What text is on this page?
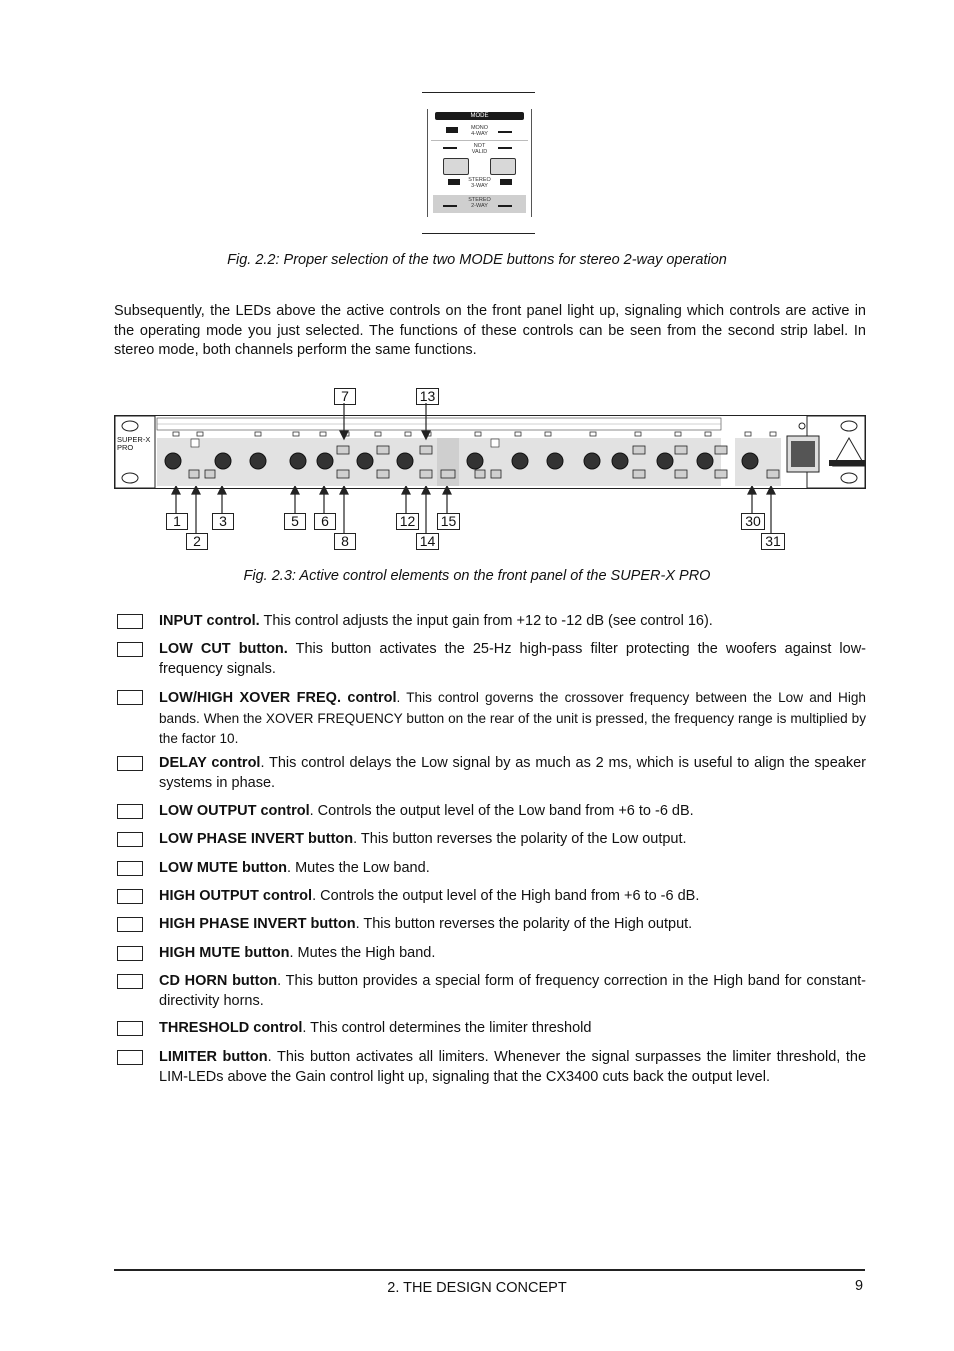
MODE
MONO
4-WAY
NOT
VALID
STEREO
3-WAY
STEREO
2-WAY
Fig. 2.2: Proper selection of the two MODE buttons for stereo 2-way operation
Subsequently, the LEDs above the active controls on the front panel light up, signaling which controls are active in the operating mode you just selected. The functions of these controls can be seen from the second strip label. In stereo mode, both channels perform the same functions.
7	13
SUPER-X
PRO
1	3	5	6	12 15	30
2	8	14	31
Fig. 2.3: Active control elements on the front panel of the SUPER-X PRO
INPUT control. This control adjusts the input gain from +12 to -12 dB (see control 16).
LOW CUT button. This button activates the 25-Hz high-pass filter protecting the woofers against low-frequency signals.
LOW/HIGH XOVER FREQ. control. This control governs the crossover frequency between the Low and High bands. When the XOVER FREQUENCY button on the rear of the unit is pressed, the frequency range is multiplied by the factor 10.
DELAY control. This control delays the Low signal by as much as 2 ms, which is useful to align the speaker systems in phase.
LOW OUTPUT control. Controls the output level of the Low band from +6 to -6 dB.
LOW PHASE INVERT button. This button reverses the polarity of the Low output.
LOW MUTE button. Mutes the Low band.
HIGH OUTPUT control. Controls the output level of the High band from +6 to -6 dB.
HIGH PHASE INVERT button. This button reverses the polarity of the High output.
HIGH MUTE button. Mutes the High band.
CD HORN button. This button provides a special form of frequency correction in the High band for constant-directivity horns.
THRESHOLD control. This control determines the limiter threshold
LIMITER button. This button activates all limiters. Whenever the signal surpasses the limiter threshold, the LIM-LEDs above the Gain control light up, signaling that the CX3400 cuts back the output level.
2. THE DESIGN CONCEPT	9
